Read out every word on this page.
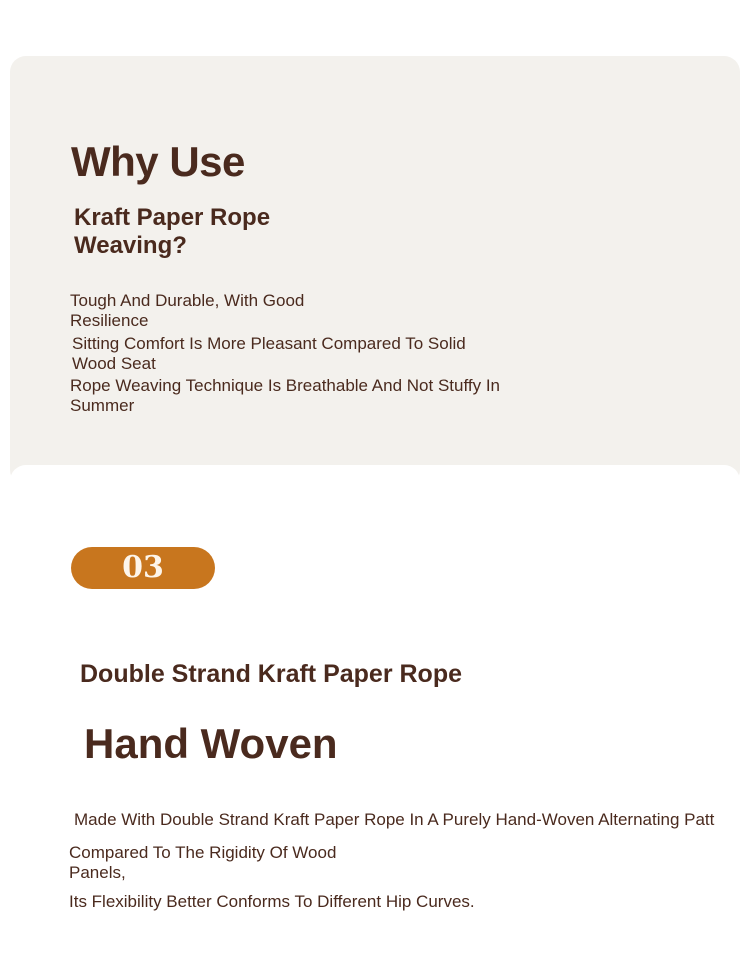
Why Use
Kraft Paper Rope Weaving?
Tough And Durable, With Good Resilience
Sitting Comfort Is More Pleasant Compared To Solid Wood Seat
Rope Weaving Technique Is Breathable And Not Stuffy In Summer
03
Double Strand Kraft Paper Rope
Hand Woven
Made With Double Strand Kraft Paper Rope In A Purely Hand-Woven Alternating Patt
Compared To The Rigidity Of Wood Panels,
Its Flexibility Better Conforms To Different Hip Curves.
